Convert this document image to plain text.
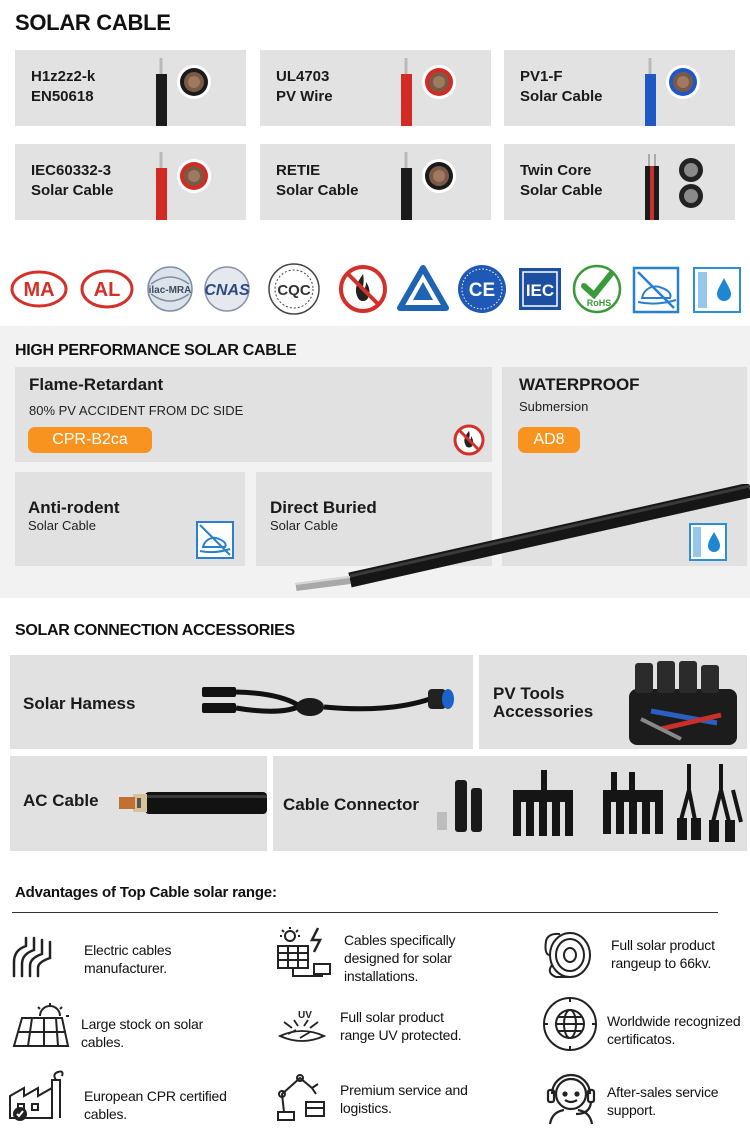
SOLAR CABLE
H1z2z2-k
EN50618
UL4703
PV Wire
PV1-F
Solar Cable
IEC60332-3
Solar Cable
RETIE
Solar Cable
Twin Core
Solar Cable
MA AL	ilac-MRA CNAS CQC	CE IEC
RoHS
HIGH PERFORMANCE SOLAR CABLE
Flame-Retardant
80% PV ACCIDENT FROM DC SIDE
CPR-B2ca
WATERPROOF
Submersion
AD8
Anti-rodent
Solar Cable
Direct Buried
Solar Cable
SOLAR CONNECTION ACCESSORIES
Solar Hamess
PV Tools
Accessories
AC Cable	Cable Connector
Advantages of Top Cable solar range:
Electric cables
manufacturer.
Cables specifically
designed for solar
installations.
Full solar product
rangeup to 66kv.
Large stock on solar
cables.
UV Full solar product
range UV protected.
Worldwide recognized
certificatos.
European CPR certified
cables.
Premium service and
logistics.
After-sales service
support.
